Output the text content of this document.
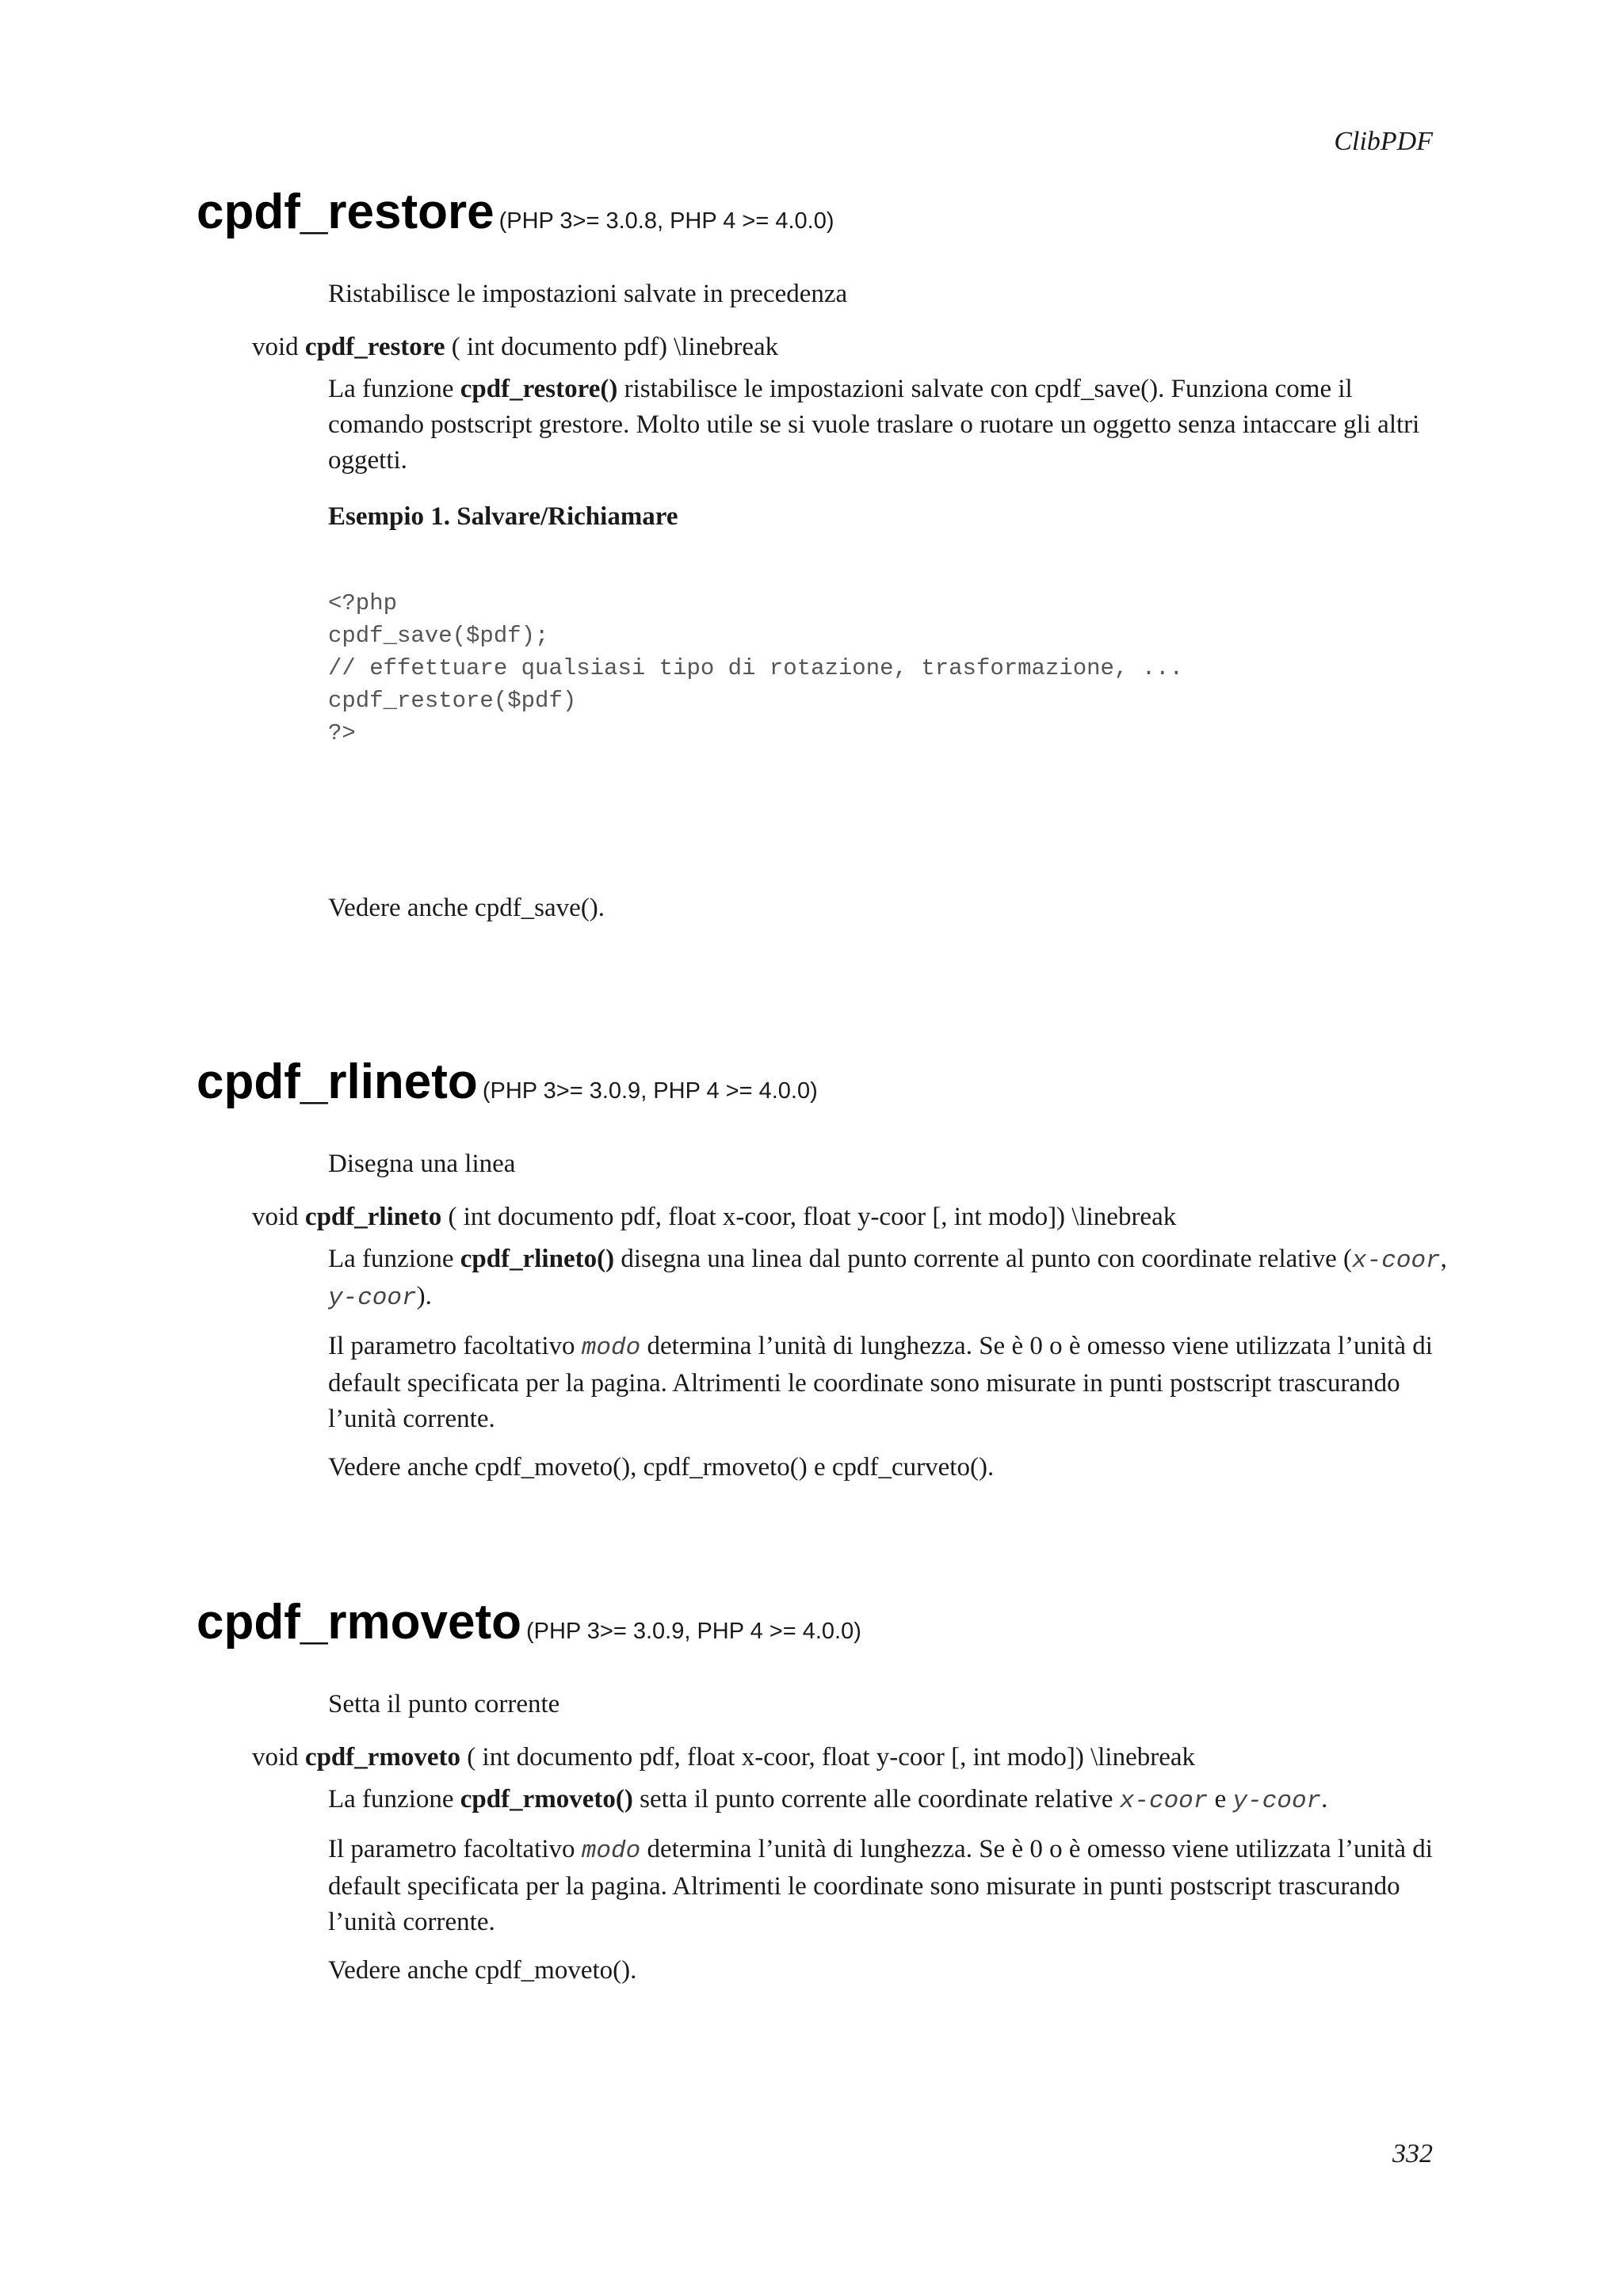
ClibPDF
cpdf_restore (PHP 3>= 3.0.8, PHP 4 >= 4.0.0)
Ristabilisce le impostazioni salvate in precedenza
void cpdf_restore ( int documento pdf) \linebreak

La funzione cpdf_restore() ristabilisce le impostazioni salvate con cpdf_save(). Funziona come il comando postscript grestore. Molto utile se si vuole traslare o ruotare un oggetto senza intaccare gli altri oggetti.

Esempio 1. Salvare/Richiamare
<?php
cpdf_save($pdf);
// effettuare qualsiasi tipo di rotazione, trasformazione, ...
cpdf_restore($pdf)
?>

Vedere anche cpdf_save().

cpdf_rlineto (PHP 3>= 3.0.9, PHP 4 >= 4.0.0)
Disegna una linea
void cpdf_rlineto ( int documento pdf, float x-coor, float y-coor [, int modo]) \linebreak

La funzione cpdf_rlineto() disegna una linea dal punto corrente al punto con coordinate relative (x-coor, y-coor).

Il parametro facoltativo modo determina l’unità di lunghezza. Se è 0 o è omesso viene utilizzata l’unità di default specificata per la pagina. Altrimenti le coordinate sono misurate in punti postscript trascurando l’unità corrente.

Vedere anche cpdf_moveto(), cpdf_rmoveto() e cpdf_curveto().

cpdf_rmoveto (PHP 3>= 3.0.9, PHP 4 >= 4.0.0)
Setta il punto corrente
void cpdf_rmoveto ( int documento pdf, float x-coor, float y-coor [, int modo]) \linebreak

La funzione cpdf_rmoveto() setta il punto corrente alle coordinate relative x-coor e y-coor.

Il parametro facoltativo modo determina l’unità di lunghezza. Se è 0 o è omesso viene utilizzata l’unità di default specificata per la pagina. Altrimenti le coordinate sono misurate in punti postscript trascurando l’unità corrente.

Vedere anche cpdf_moveto().

332
